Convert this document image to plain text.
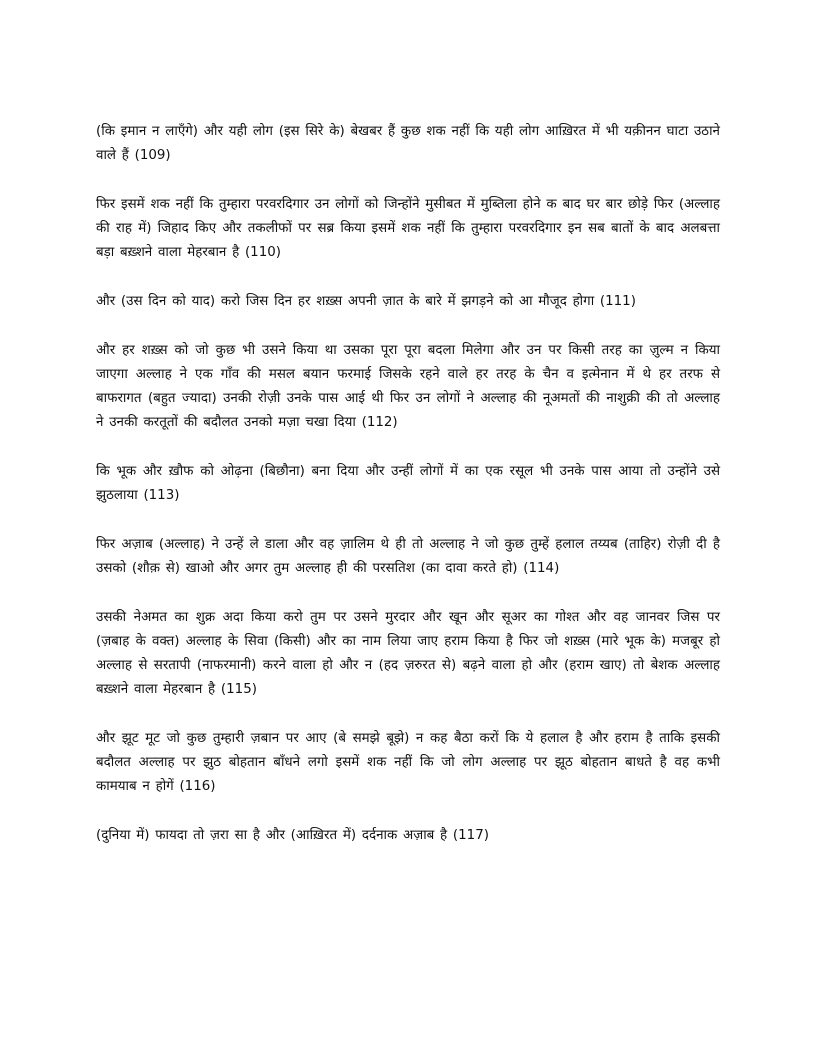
(कि इमान न लाएँगे) और यही लोग (इस सिरे के) बेखबर हैं कुछ शक नहीं कि यही लोग आख़िरत में भी यक़ीनन घाटा उठाने वाले हैं (109)

फिर इसमें शक नहीं कि तुम्हारा परवरदिगार उन लोगों को जिन्होंने मुसीबत में मुब्तिला होने क बाद घर बार छोड़े फिर (अल्लाह की राह में) जिहाद किए और तकलीफों पर सब्र किया इसमें शक नहीं कि तुम्हारा परवरदिगार इन सब बातों के बाद अलबत्ता बड़ा बख़्शने वाला मेहरबान है (110)

और (उस दिन को याद) करो जिस दिन हर शख़्स अपनी ज़ात के बारे में झगड़ने को आ मौजूद होगा (111)

और हर शख़्स को जो कुछ भी उसने किया था उसका पूरा पूरा बदला मिलेगा और उन पर किसी तरह का ज़ुल्म न किया जाएगा अल्लाह ने एक गाँव की मसल बयान फरमाई जिसके रहने वाले हर तरह के चैन व इत्मेनान में थे हर तरफ से बाफरागत (बहुत ज्यादा) उनकी रोज़ी उनके पास आई थी फिर उन लोगों ने अल्लाह की नूअमतों की नाशुक्री की तो अल्लाह ने उनकी करतूतों की बदौलत उनको मज़ा चखा दिया (112)

कि भूक और ख़ौफ को ओढ़ना (बिछौना) बना दिया और उन्हीं लोगों में का एक रसूल भी उनके पास आया तो उन्होंने उसे झुठलाया (113)

फिर अज़ाब (अल्लाह) ने उन्हें ले डाला और वह ज़ालिम थे ही तो अल्लाह ने जो कुछ तुम्हें हलाल तय्यब (ताहिर) रोज़ी दी है उसको (शौक़ से) खाओ और अगर तुम अल्लाह ही की परसतिश (का दावा करते हो) (114)

उसकी नेअमत का शुक्र अदा किया करो तुम पर उसने मुरदार और खून और सूअर का गोश्त और वह जानवर जिस पर (ज़बाह के वक्त) अल्लाह के सिवा (किसी) और का नाम लिया जाए हराम किया है फिर जो शख़्स (मारे भूक के) मजबूर हो अल्लाह से सरतापी (नाफरमानी) करने वाला हो और न (हद ज़रुरत से) बढ़ने वाला हो और (हराम खाए) तो बेशक अल्लाह बख़्शने वाला मेहरबान है (115)

और झूट मूट जो कुछ तुम्हारी ज़बान पर आए (बे समझे बूझे) न कह बैठा करों कि ये हलाल है और हराम है ताकि इसकी बदौलत अल्लाह पर झुठ बोहतान बाँधने लगो इसमें शक नहीं कि जो लोग अल्लाह पर झूठ बोहतान बाधते है वह कभी कामयाब न होगें (116)

(दुनिया में) फायदा तो ज़रा सा है और (आख़िरत में) दर्दनाक अज़ाब है (117)
